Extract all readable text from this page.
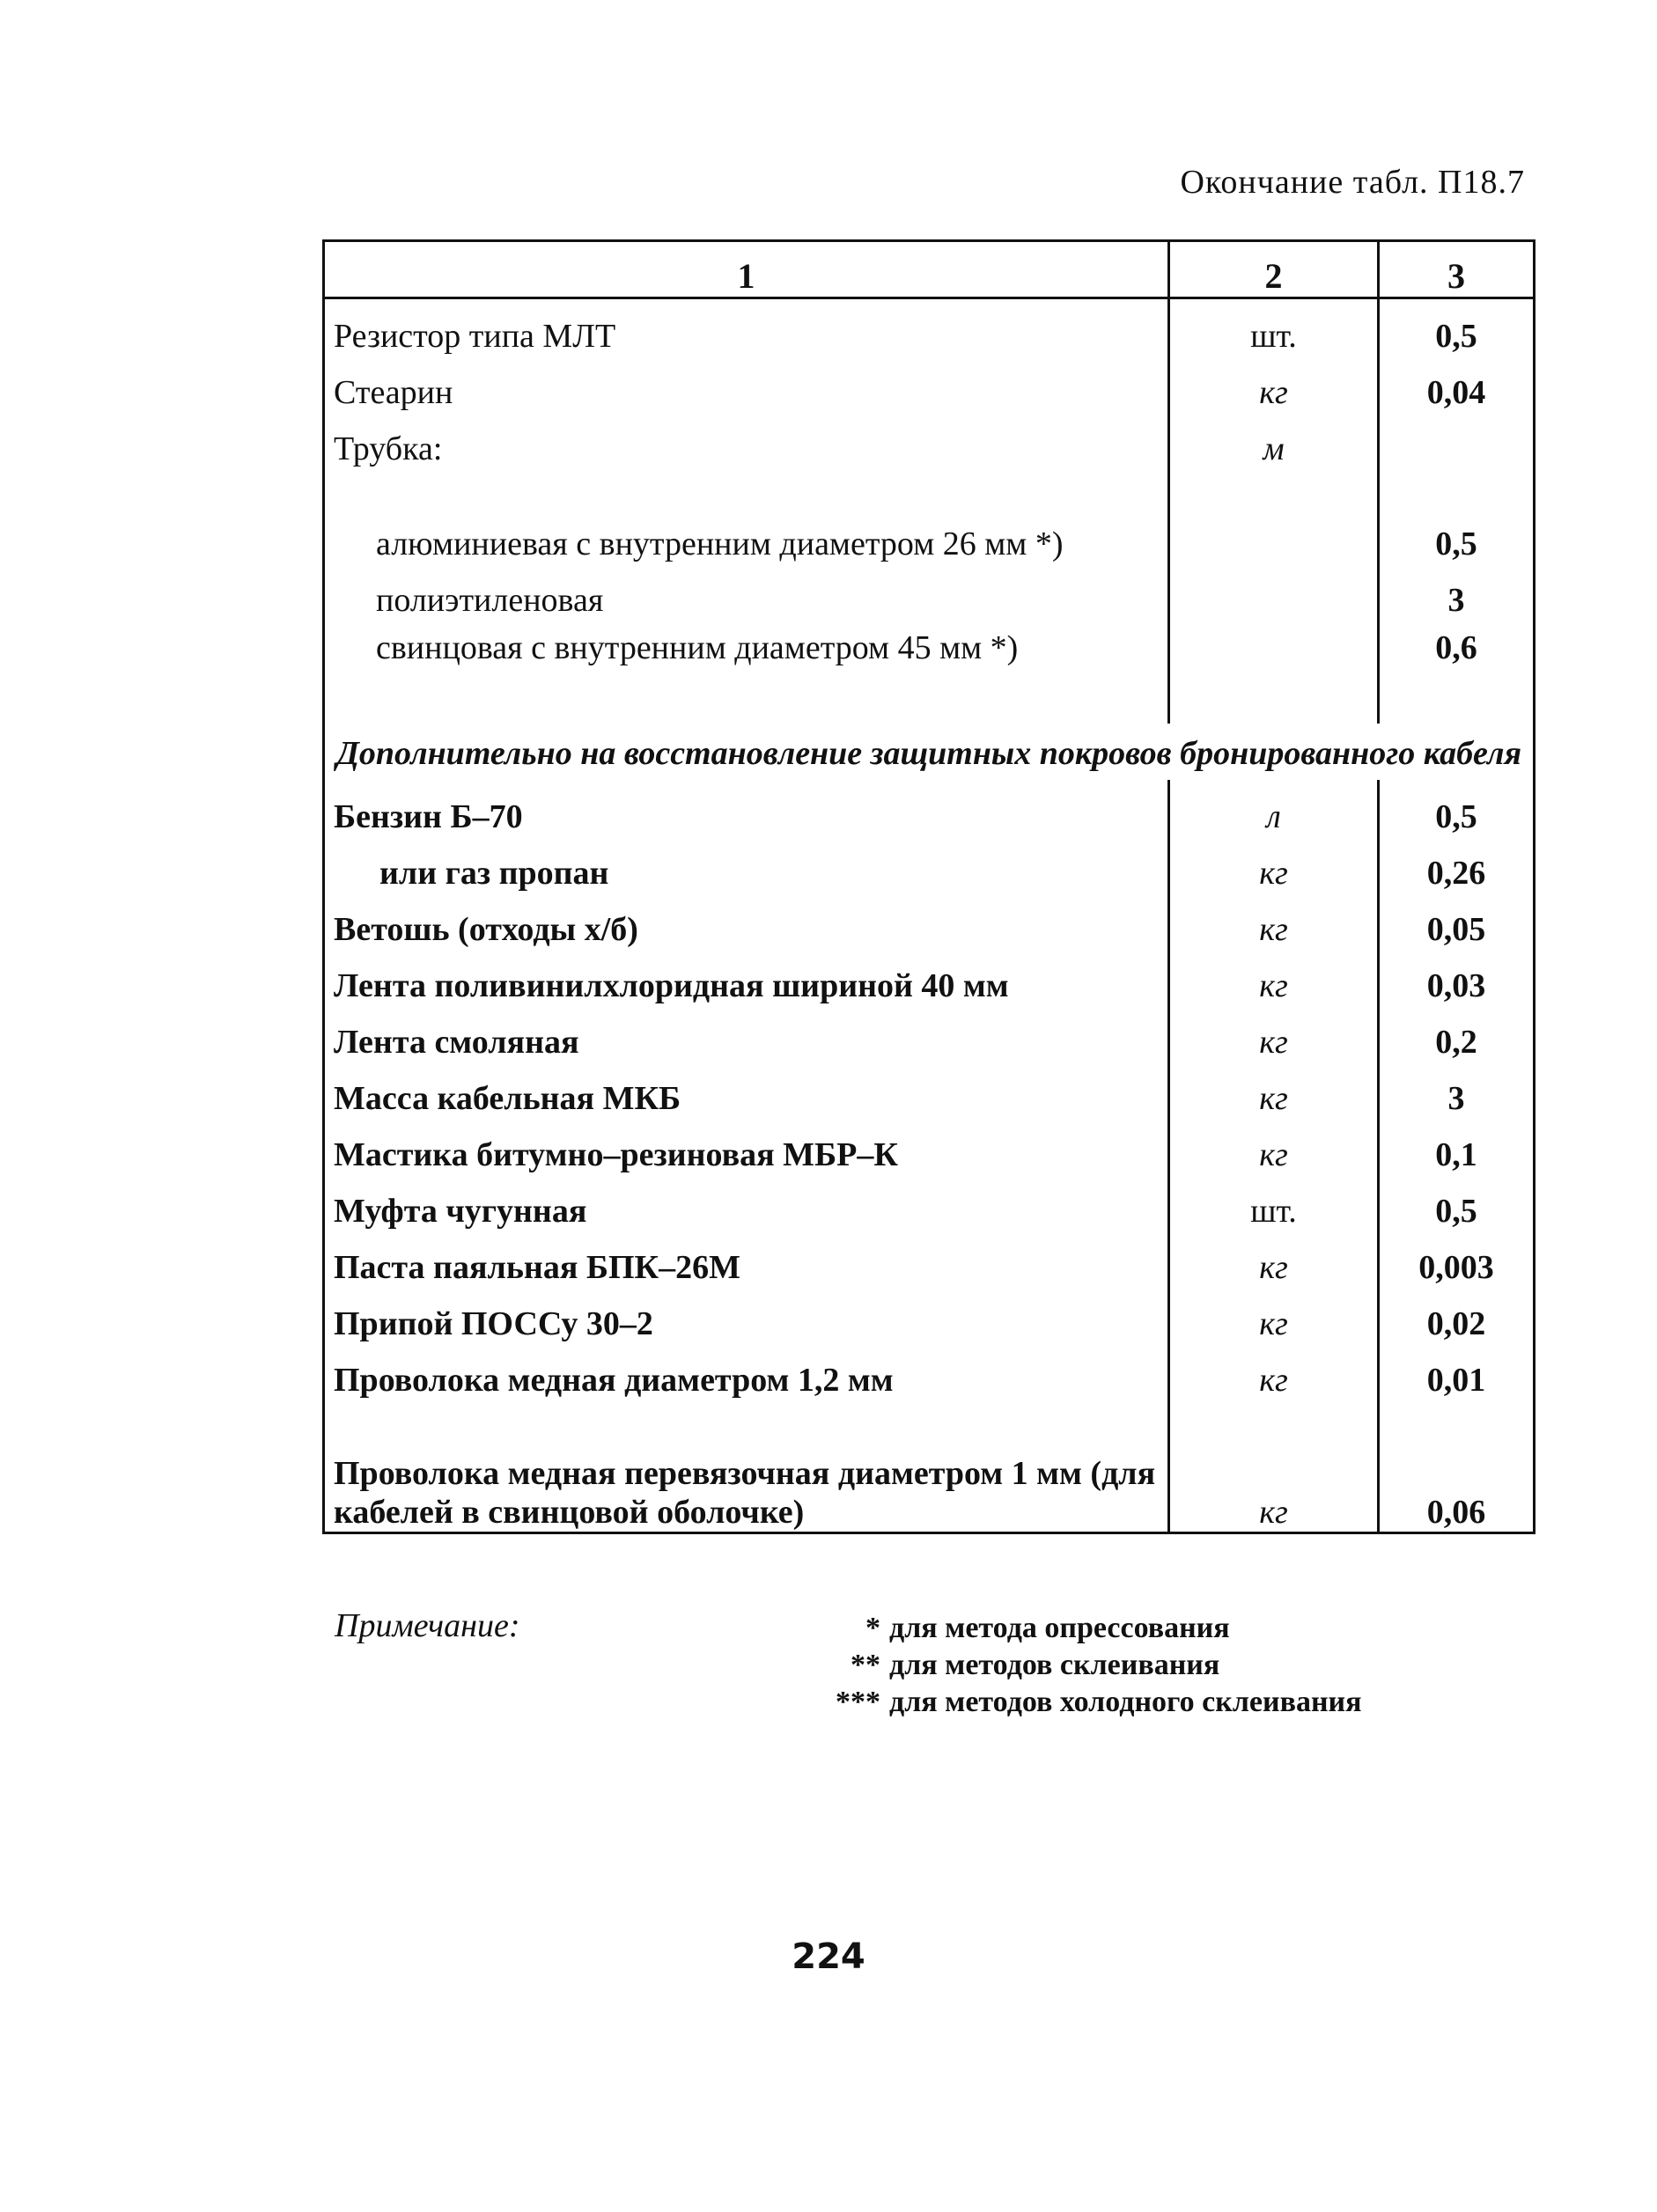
Окончание табл. П18.7
1	2	3
Резистор типа МЛТ	шт.	0,5
Стеарин	кг	0,04
Трубка:	м	
алюминиевая с внутренним диаметром 26 мм *)		0,5
полиэтиленовая		3
свинцовая с внутренним диаметром 45 мм *)		0,6
Дополнительно на восстановление защитных покровов бронированного кабеля		
Бензин Б–70	л	0,5
или газ пропан	кг	0,26
Ветошь (отходы х/б)	кг	0,05
Лента поливинилхлоридная шириной 40 мм	кг	0,03
Лента смоляная	кг	0,2
Масса кабельная МКБ	кг	3
Мастика битумно–резиновая МБР–К	кг	0,1
Муфта чугунная	шт.	0,5
Паста паяльная БПК–26М	кг	0,003
Припой ПОССу 30–2	кг	0,02
Проволока медная диаметром 1,2 мм	кг	0,01
Проволока медная перевязочная диаметром 1 мм (для кабелей в свинцовой оболочке)	кг	0,06
Примечание:	* для метода опрессования
** для методов склеивания
*** для методов холодного склеивания
224
